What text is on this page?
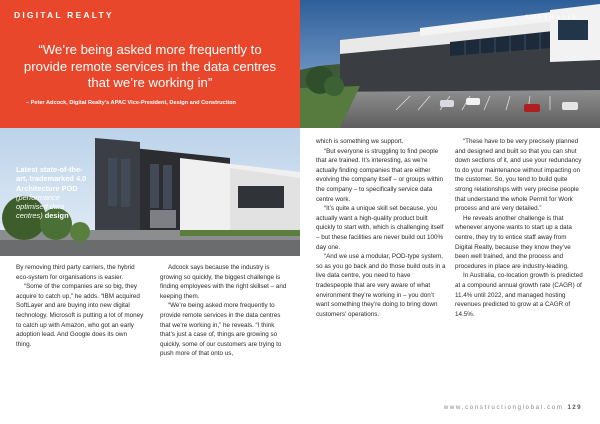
DIGITAL REALTY
“We’re being asked more frequently to provide remote services in the data centres that we’re working in”
– Peter Adcock, Digital Realty’s APAC Vice-President, Design and Construction
AUSTRALIA
Latest state-of-the-art, trademarked 4.0 Architecture POD (performance optimised data centres) design

By removing third party carriers, the hybrid eco-system for organisations is easier.

“Some of the companies are so big, they acquire to catch up,” he adds. “IBM acquired SoftLayer and are buying into new digital technology. Microsoft is putting a lot of money to catch up with Amazon, who got an early adoption lead. And Google does its own thing.

Adcock says because the industry is growing so quickly, the biggest challenge is finding employees with the right skillset – and keeping them.

“We’re being asked more frequently to provide remote services in the data centres that we’re working in,” he reveals. “I think that’s just a case of, things are growing so quickly, some of our customers are trying to push more of that onto us,

which is something we support.

“But everyone is struggling to find people that are trained. It’s interesting, as we’re actually finding companies that are either evolving the company itself – or groups within the company – to specifically service data centre work.

“It’s quite a unique skill set because, you actually want a high-quality product built quickly to start with, which is challenging itself – but these facilities are never build out 100% day one.

“And we use a modular, POD-type system, so as you go back and do those build outs in a live data centre, you need to have tradespeople that are very aware of what environment they’re working in – you don’t want something they’re doing to bring down customers’ operations.

“These have to be very precisely planned and designed and built so that you can shut down sections of it, and use your redundancy to do your maintenance without impacting on the customer. So, you tend to build quite strong relationships with very precise people that understand the whole Permit for Work process and are very detailed.”

He reveals another challenge is that whenever anyone wants to start up a data centre, they try to entice staff away from Digital Realty, because they know they’ve been well trained, and the process and procedures in place are industry-leading.

In Australia, co-location growth is predicted at a compound annual growth rate (CAGR) of 11.4% until 2022, and managed hosting revenues predicted to grow at a CAGR of 14.5%.

www.constructionglobal.com 129
